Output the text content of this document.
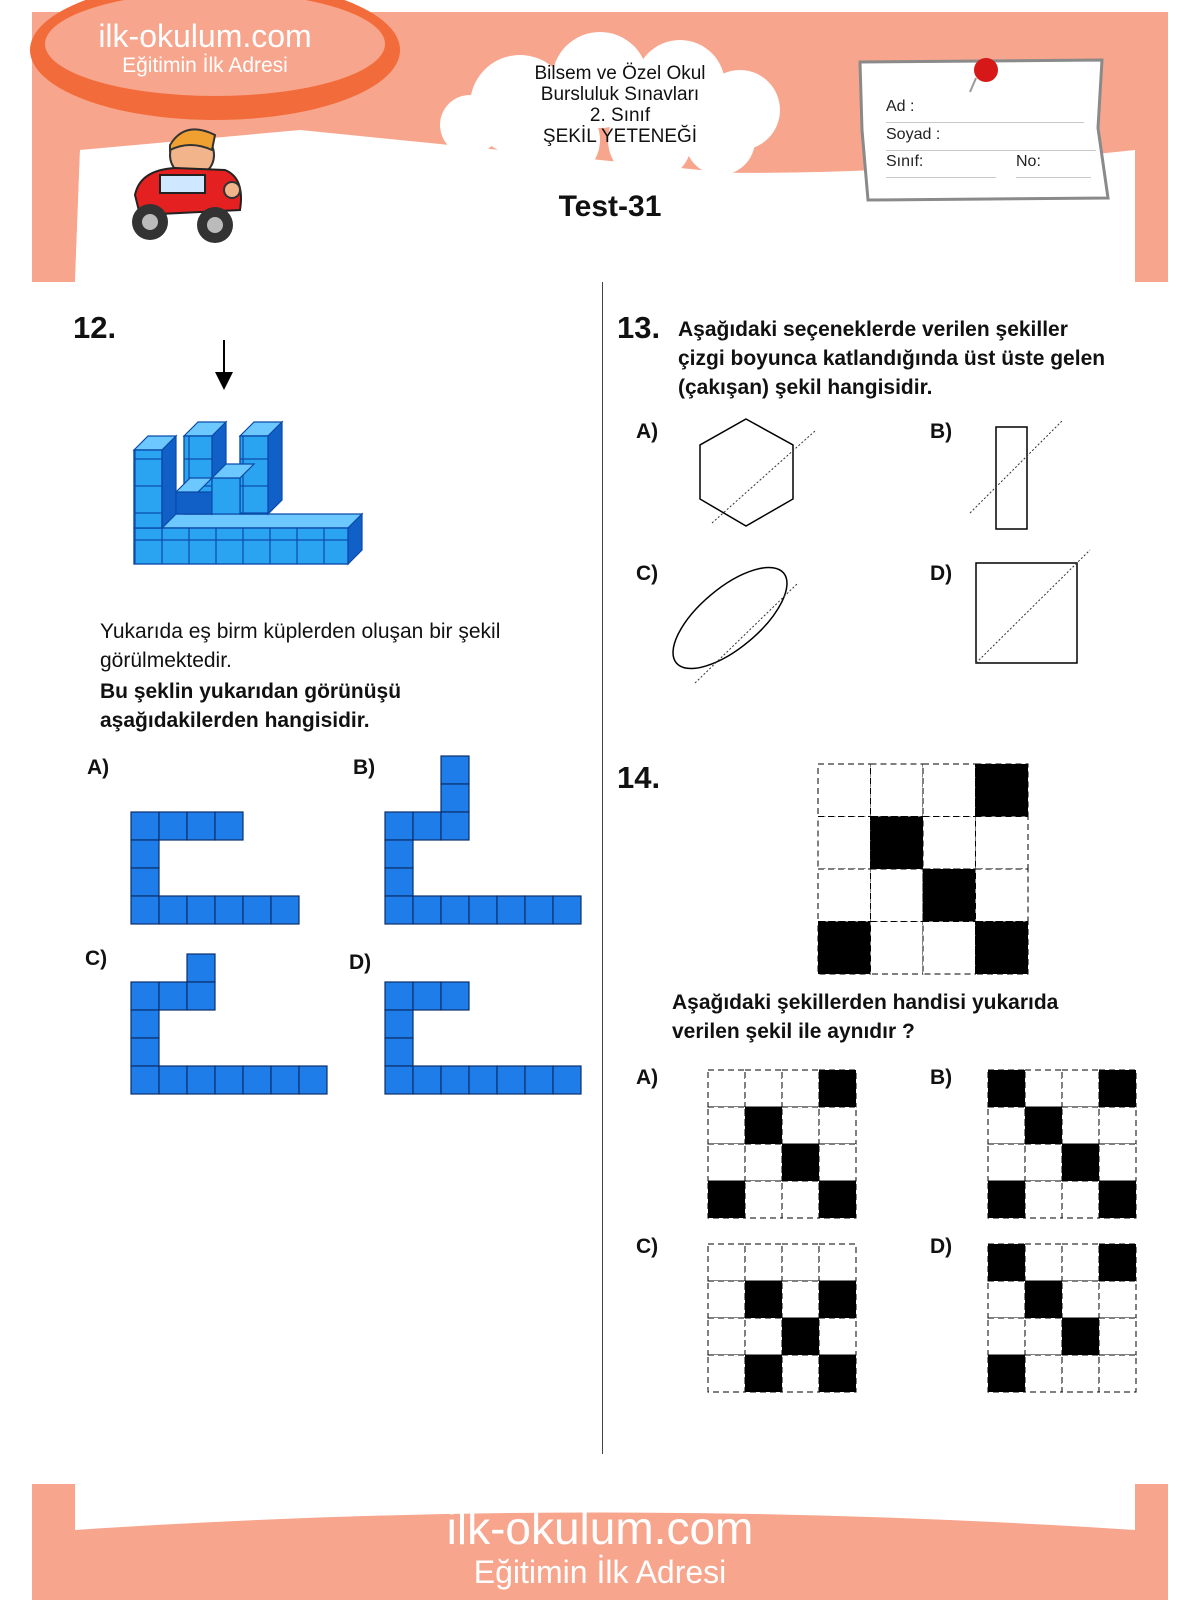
ilk-okulum.com
Eğitimin İlk Adresi	Bilsem ve Özel Okul
Bursluluk Sınavları
2. Sınıf
ŞEKİL YETENEĞİ
Test-31
Ad :
Soyad :
Sınıf:	No:
12.
Yukarıda eş birm küplerden oluşan bir şekil
görülmektedir.
Bu şeklin yukarıdan görünüşü
aşağıdakilerden hangisidir.
A)	B)
C)	D)
13. Aşağıdaki seçeneklerde verilen şekiller
çizgi boyunca katlandığında üst üste gelen
(çakışan) şekil hangisidir.
A)	B)
C)	D)
14.
Aşağıdaki şekillerden handisi yukarıda
verilen şekil ile aynıdır ?
A)	B)
C)	D)
ilk-okulum.com
Eğitimin İlk Adresi
